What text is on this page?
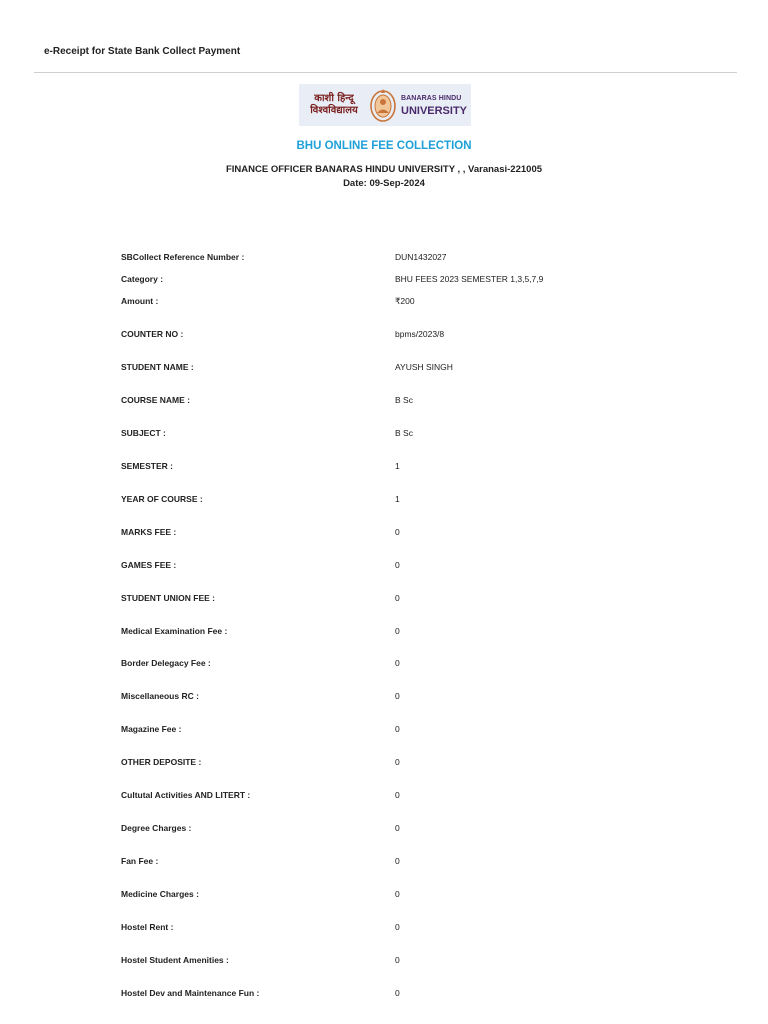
e-Receipt for State Bank Collect Payment
काशी हिन्दू
विश्वविद्यालय
BANARAS HINDU
UNIVERSITY
BHU ONLINE FEE COLLECTION
FINANCE OFFICER BANARAS HINDU UNIVERSITY , , Varanasi-221005
Date: 09-Sep-2024
SBCollect Reference Number :	DUN1432027
Category :	BHU FEES 2023 SEMESTER 1,3,5,7,9
Amount :	₹200
COUNTER NO :	bpms/2023/8
STUDENT NAME :	AYUSH SINGH
COURSE NAME :	B Sc
SUBJECT :	B Sc
SEMESTER :	1
YEAR OF COURSE :	1
MARKS FEE :	0
GAMES FEE :	0
STUDENT UNION FEE :	0
Medical Examination Fee :	0
Border Delegacy Fee :	0
Miscellaneous RC :	0
Magazine Fee :	0
OTHER DEPOSITE :	0
Cultutal Activities AND LITERT :	0
Degree Charges :	0
Fan Fee :	0
Medicine Charges :	0
Hostel Rent :	0
Hostel Student Amenities :	0
Hostel Dev and Maintenance Fun :	0
